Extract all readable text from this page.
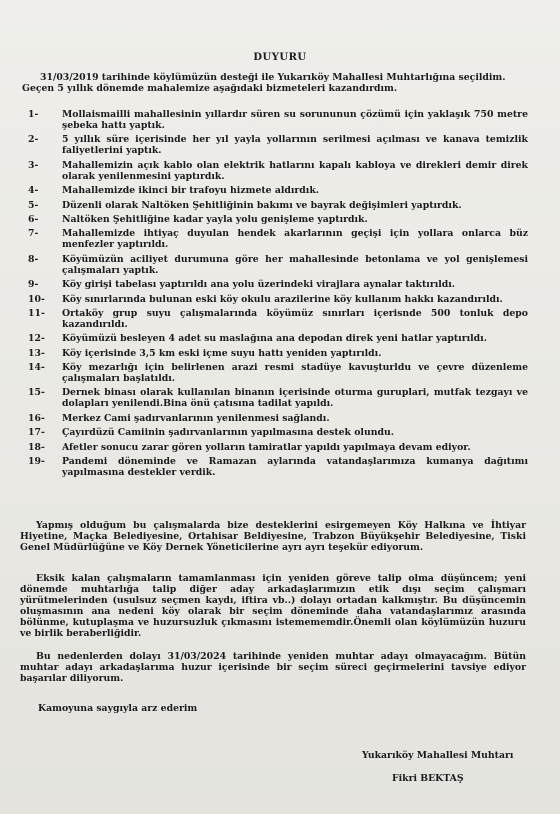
DUYURU
31/03/2019 tarihinde köylümüzün desteği ile Yukarıköy Mahallesi Muhtarlığına seçildim.
Geçen 5 yıllık dönemde mahalemize aşağıdaki bizmeteleri kazandırdım.
1-	Mollaismailli mahallesinin yıllardır süren su sorununun çözümü için yaklaşık 750 metre şebeka hattı yaptık.
2-	5 yıllık süre içerisinde her yıl yayla yollarının serilmesi açılması ve kanava temizlik faliyetlerini yaptık.
3-	Mahallemizin açık kablo olan elektrik hatlarını kapalı kabloya ve direkleri demir direk olarak yenilenmesini yaptırdık.
4-	Mahallemizde ikinci bir trafoyu hizmete aldırdık.
5-	Düzenli olarak Naltöken Şehitliğinin bakımı ve bayrak değişimleri yaptırdık.
6-	Naltöken Şehitliğine kadar yayla yolu genişleme yaptırdık.
7-	Mahallemizde ihtiyaç duyulan hendek akarlarının geçişi için yollara onlarca büz menfezler yaptırıldı.
8-	Köyümüzün aciliyet durumuna göre her mahallesinde betonlama ve yol genişlemesi çalışmaları yaptık.
9-	Köy girişi tabelası yaptırıldı ana yolu üzerindeki virajlara aynalar taktırıldı.
10-	Köy sınırlarında bulunan eski köy okulu arazilerine köy kullanım hakkı kazandırıldı.
11-	Ortaköy grup suyu çalışmalarında köyümüz sınırları içerisnde 500 tonluk depo kazandırıldı.
12-	Köyümüzü besleyen 4 adet su maslağına ana depodan direk yeni hatlar yaptırıldı.
13-	Köy içerisinde 3,5 km eski içme suyu hattı yeniden yaptırıldı.
14-	Köy mezarlığı için belirlenen arazi resmi stadüye kavuşturldu ve çevre düzenleme çalışmaları başlatıldı.
15-	Dernek binası olarak kullanılan binanın içerisinde oturma guruplari, mutfak tezgayı ve dolapları yenilendi.Bina önü çatısına tadilat yapıldı.
16-	Merkez Cami şadırvanlarının yenilenmesi sağlandı.
17-	Çayırdüzü Camiinin şadırvanlarının yapılmasına destek olundu.
18-	Afetler sonucu zarar gören yolların tamiratlar yapıldı yapılmaya devam ediyor.
19-	Pandemi döneminde ve Ramazan aylarında vatandaşlarımıza kumanya dağıtımı yapılmasına destekler verdik.

Yapmış olduğum bu çalışmalarda bize desteklerini esirgemeyen Köy Halkına ve İhtiyar Hiyetine, Maçka Belediyesine, Ortahisar Beldiyesine, Trabzon Büyükşehir Belediyesine, Tiski Genel Müdürlüğüne ve Köy Dernek Yöneticilerine ayrı ayrı teşekür ediyorum.

Eksik kalan çalışmaların tamamlanması için yeniden göreve talip olma düşüncem; yeni dönemde muhtarlığa talip diğer aday arkadaşlarımızın etik dışı seçim çalışmarı yürütmelerinden (usulsuz seçmen kaydı, iftira vb..) dolayı ortadan kalkmıştır. Bu düşüncemin oluşmasının ana nedeni köy olarak bir seçim döneminde daha vatandaşlarımız arasında bölünme, kutuplaşma ve huzursuzluk çıkmasını istemememdir.Önemli olan köylümüzün huzuru ve birlik beraberliğidir.

Bu nedenlerden dolayı 31/03/2024 tarihinde yeniden muhtar adayı olmayacağım. Bütün muhtar adayı arkadaşlarıma huzur içerisinde bir seçim süreci geçirmelerini tavsiye ediyor başarılar diliyorum.

Kamoyuna saygıyla arz ederim
Yukarıköy Mahallesi Muhtarı
Fikri BEKTAŞ
